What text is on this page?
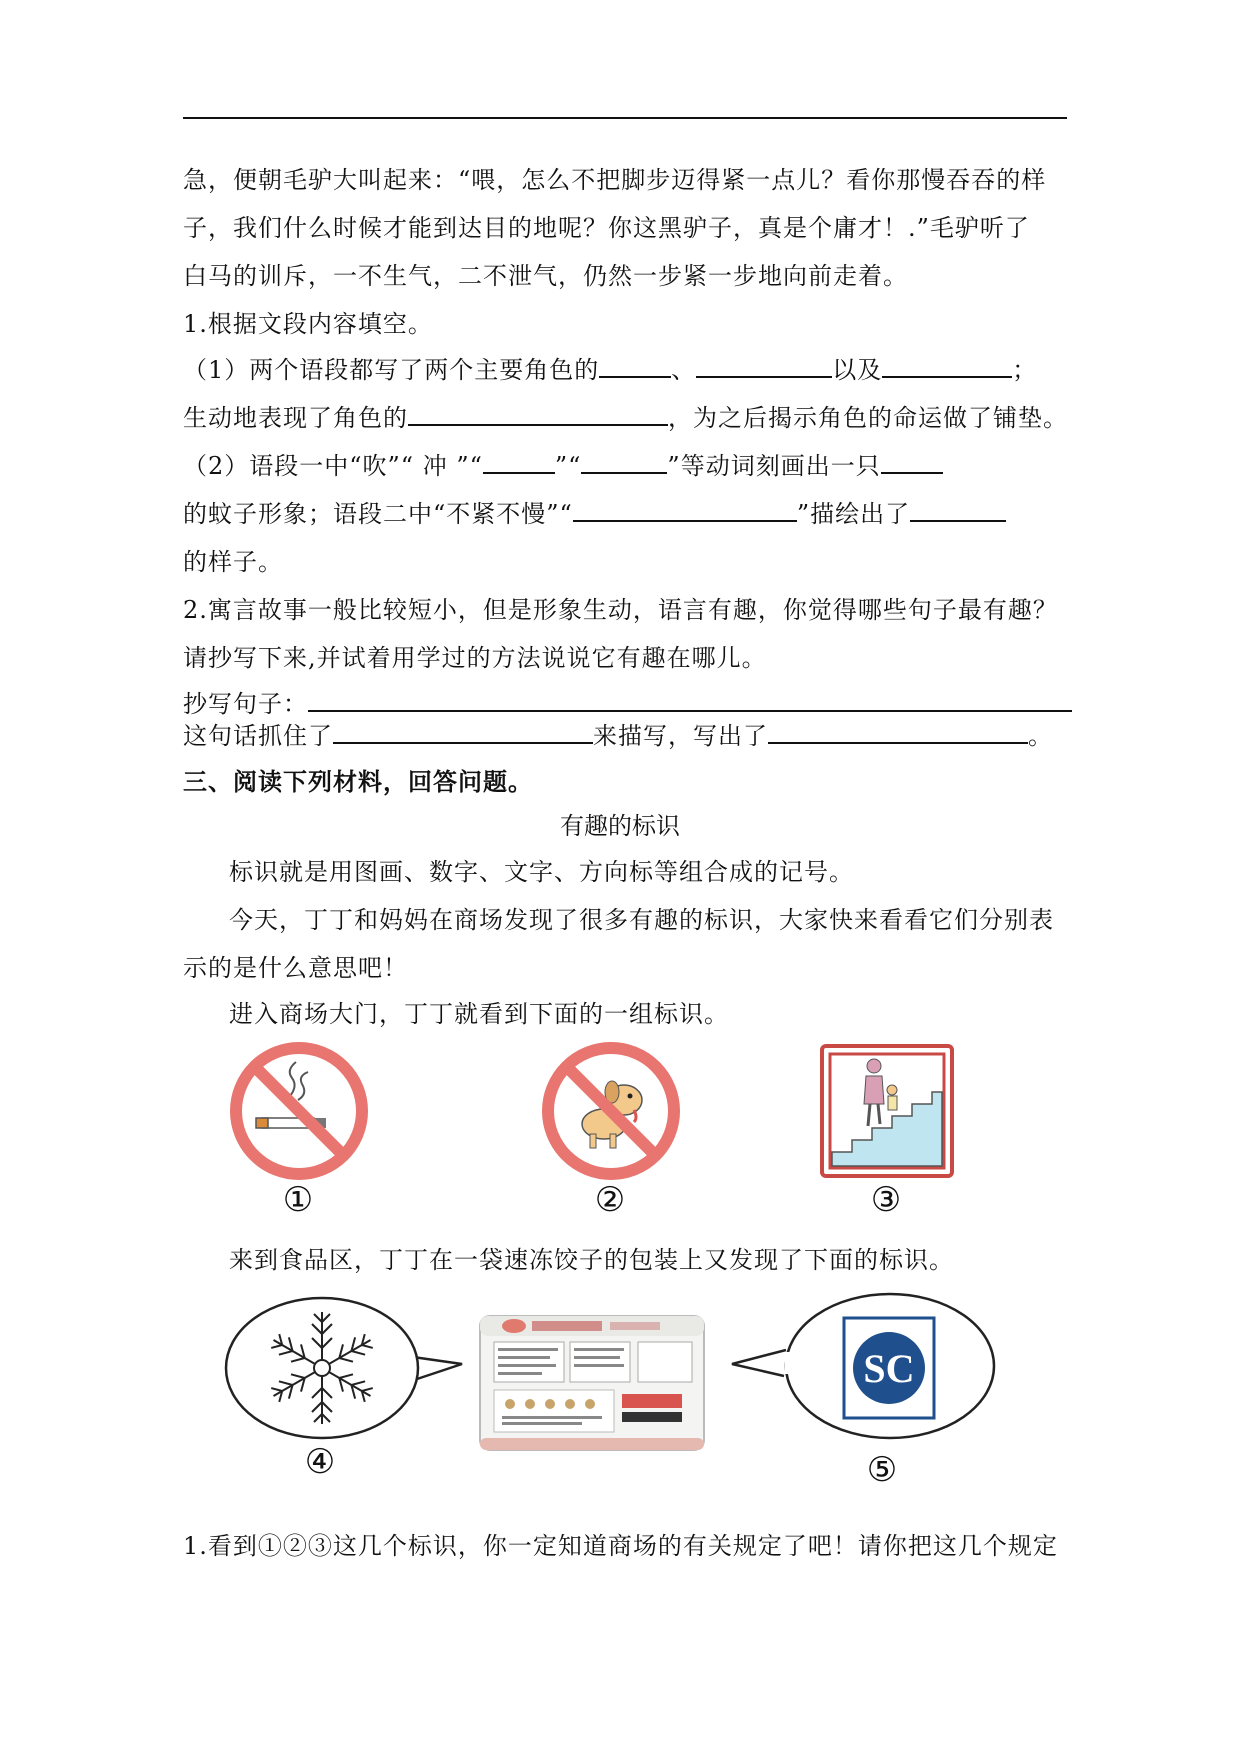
急，便朝毛驴大叫起来：“喂，怎么不把脚步迈得紧一点儿？看你那慢吞吞的样
子，我们什么时候才能到达目的地呢？你这黑驴子，真是个庸才！.”毛驴听了
白马的训斥，一不生气，二不泄气，仍然一步紧一步地向前走着。
1.根据文段内容填空。
（1）两个语段都写了两个主要角色的	、	以及	；
生动地表现了角色的	，为之后揭示角色的命运做了铺垫。
（2）语段一中“吹”“ 冲 ”“	”“	”等动词刻画出一只
的蚊子形象；语段二中“不紧不慢”“	”描绘出了
的样子。
2.寓言故事一般比较短小，但是形象生动，语言有趣，你觉得哪些句子最有趣？
请抄写下来,并试着用学过的方法说说它有趣在哪儿。
抄写句子：
这句话抓住了	来描写，写出了	。
三、阅读下列材料，回答问题。
有趣的标识
标识就是用图画、数字、文字、方向标等组合成的记号。
今天，丁丁和妈妈在商场发现了很多有趣的标识，大家快来看看它们分别表
示的是什么意思吧！
进入商场大门，丁丁就看到下面的一组标识。
①	②	③
来到食品区，丁丁在一袋速冻饺子的包装上又发现了下面的标识。
SC
④	⑤
1.看到①②③这几个标识，你一定知道商场的有关规定了吧！请你把这几个规定
